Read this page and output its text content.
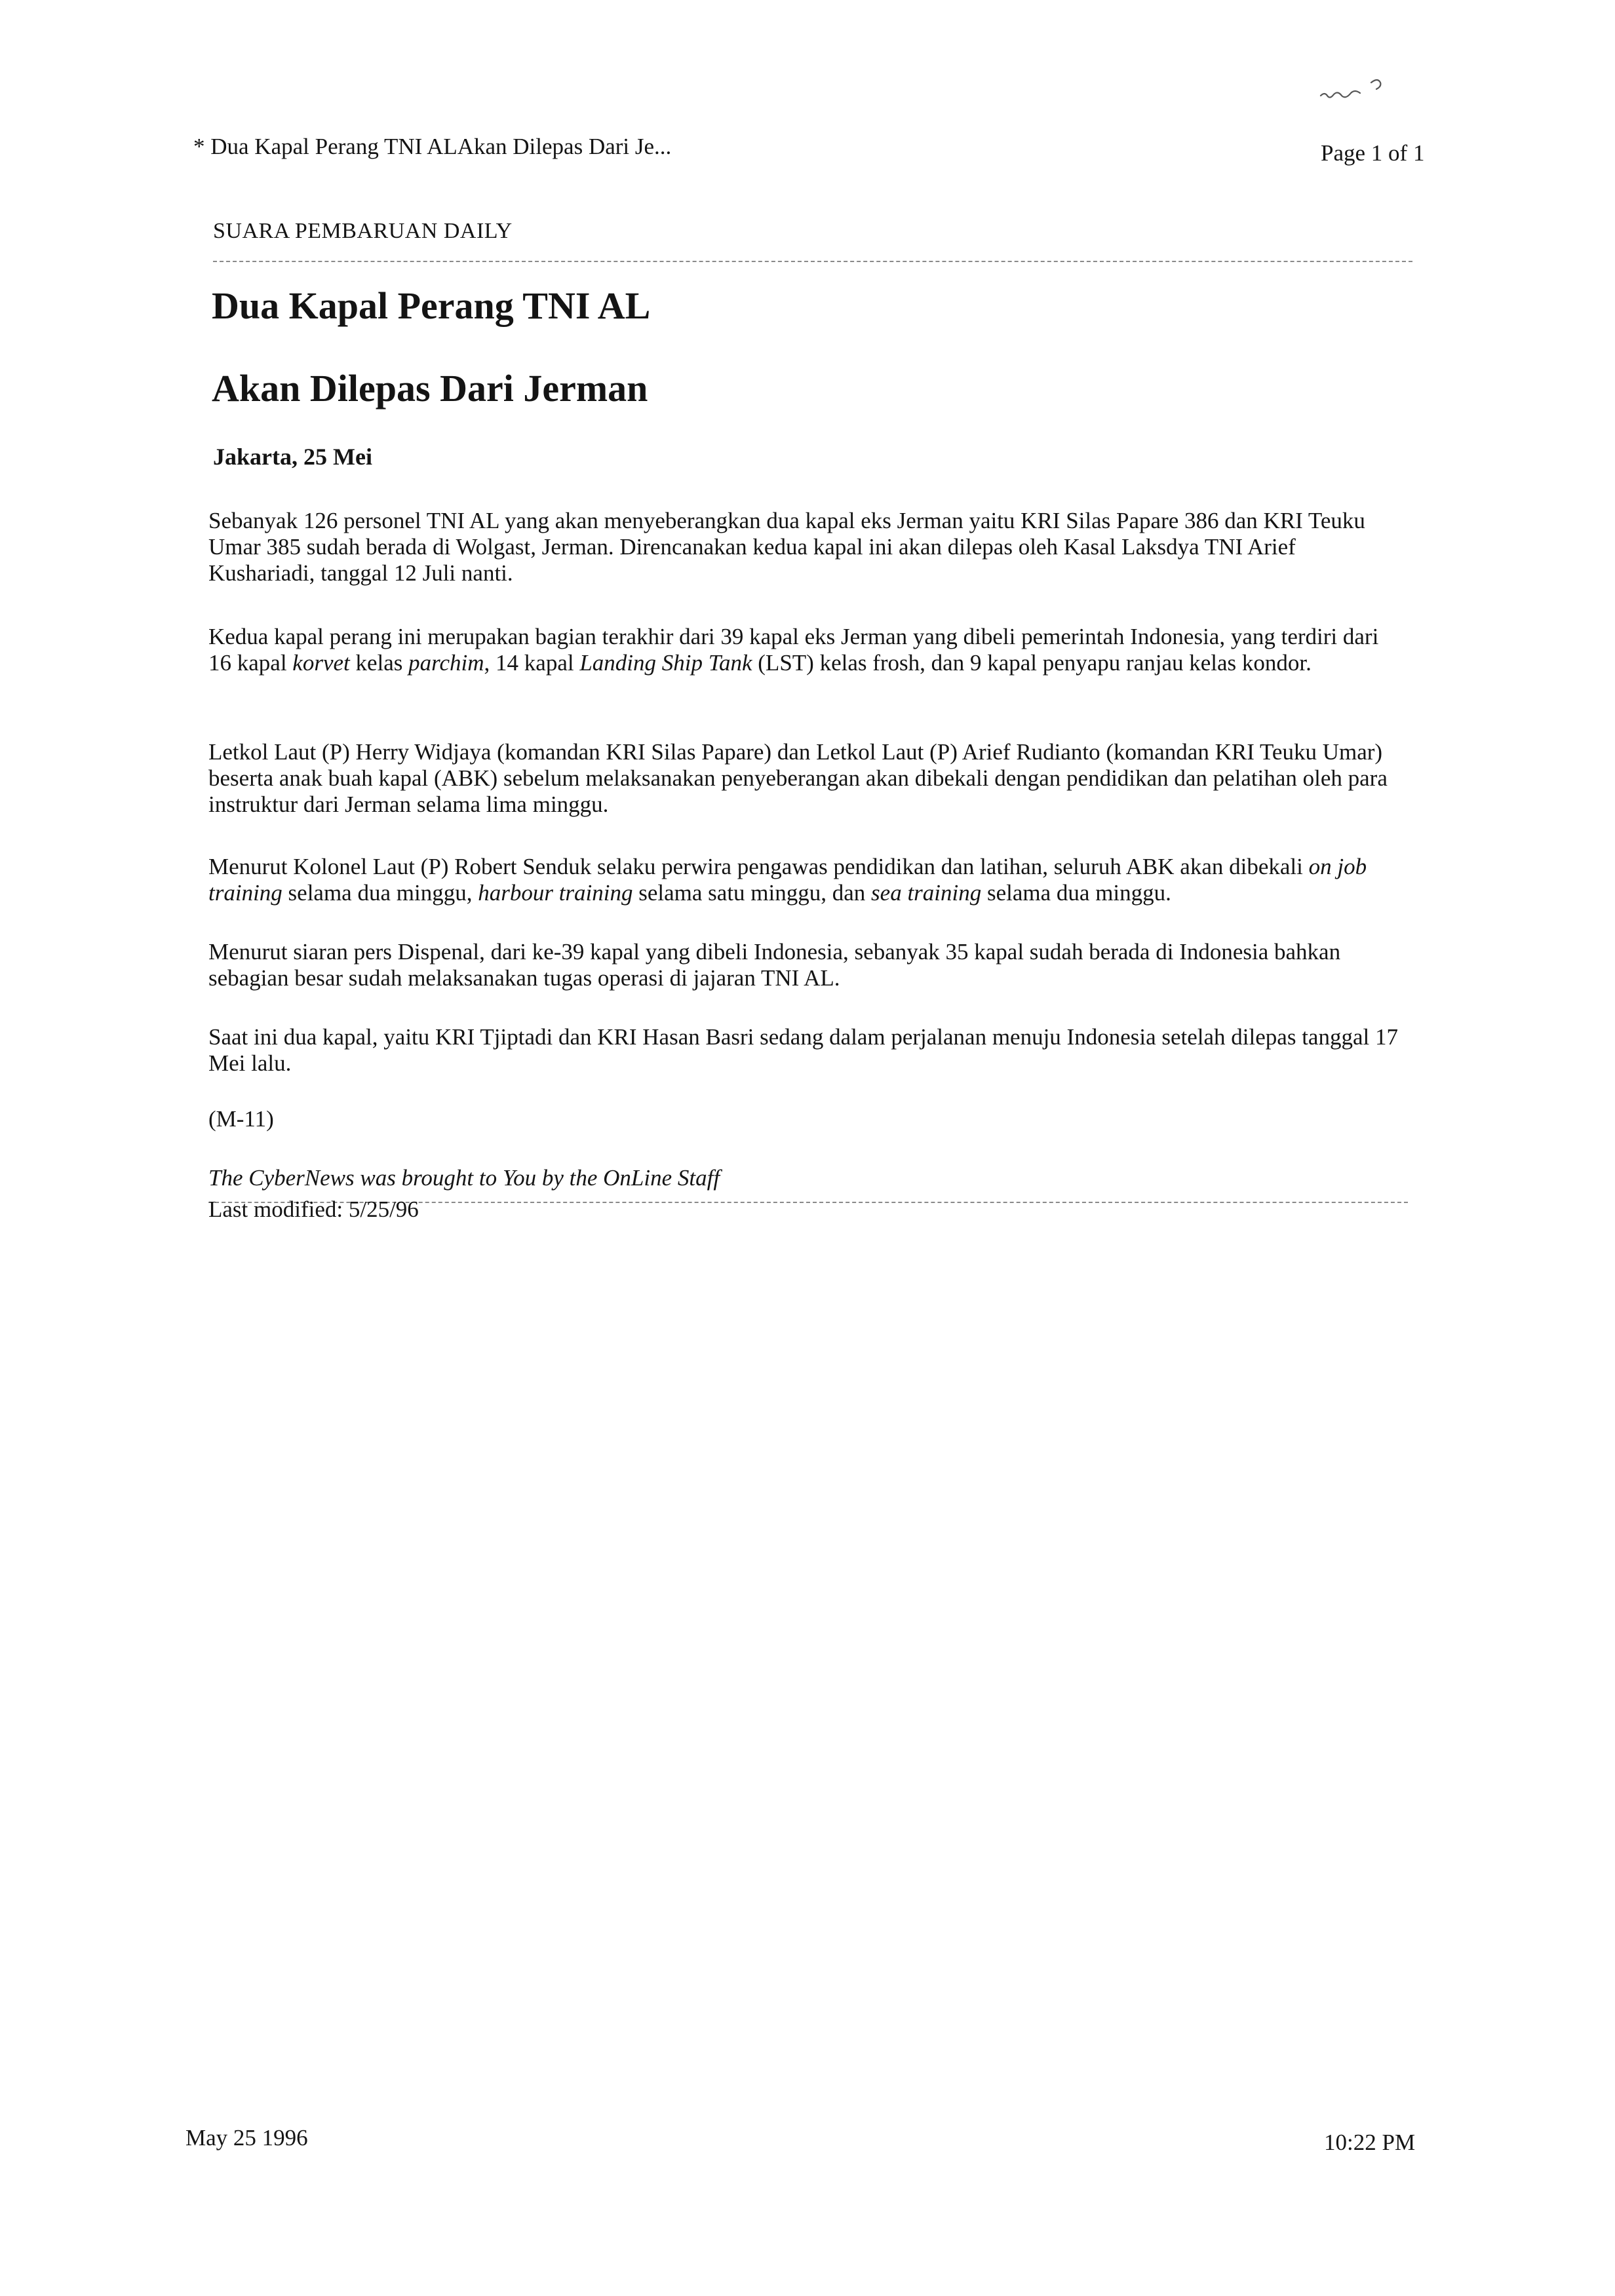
* Dua Kapal Perang TNI ALAkan Dilepas Dari Je...	Page 1 of 1
SUARA PEMBARUAN DAILY
Dua Kapal Perang TNI AL
Akan Dilepas Dari Jerman
Jakarta, 25 Mei

Sebanyak 126 personel TNI AL yang akan menyeberangkan dua kapal eks Jerman yaitu KRI Silas Papare 386 dan KRI Teuku Umar 385 sudah berada di Wolgast, Jerman. Direncanakan kedua kapal ini akan dilepas oleh Kasal Laksdya TNI Arief Kushariadi, tanggal 12 Juli nanti.

Kedua kapal perang ini merupakan bagian terakhir dari 39 kapal eks Jerman yang dibeli pemerintah Indonesia, yang terdiri dari 16 kapal korvet kelas parchim, 14 kapal Landing Ship Tank (LST) kelas frosh, dan 9 kapal penyapu ranjau kelas kondor.

Letkol Laut (P) Herry Widjaya (komandan KRI Silas Papare) dan Letkol Laut (P) Arief Rudianto (komandan KRI Teuku Umar) beserta anak buah kapal (ABK) sebelum melaksanakan penyeberangan akan dibekali dengan pendidikan dan pelatihan oleh para instruktur dari Jerman selama lima minggu.

Menurut Kolonel Laut (P) Robert Senduk selaku perwira pengawas pendidikan dan latihan, seluruh ABK akan dibekali on job training selama dua minggu, harbour training selama satu minggu, dan sea training selama dua minggu.

Menurut siaran pers Dispenal, dari ke-39 kapal yang dibeli Indonesia, sebanyak 35 kapal sudah berada di Indonesia bahkan sebagian besar sudah melaksanakan tugas operasi di jajaran TNI AL.

Saat ini dua kapal, yaitu KRI Tjiptadi dan KRI Hasan Basri sedang dalam perjalanan menuju Indonesia setelah dilepas tanggal 17 Mei lalu.

(M-11)

The CyberNews was brought to You by the OnLine Staff
Last modified: 5/25/96
May 25 1996	10:22 PM
